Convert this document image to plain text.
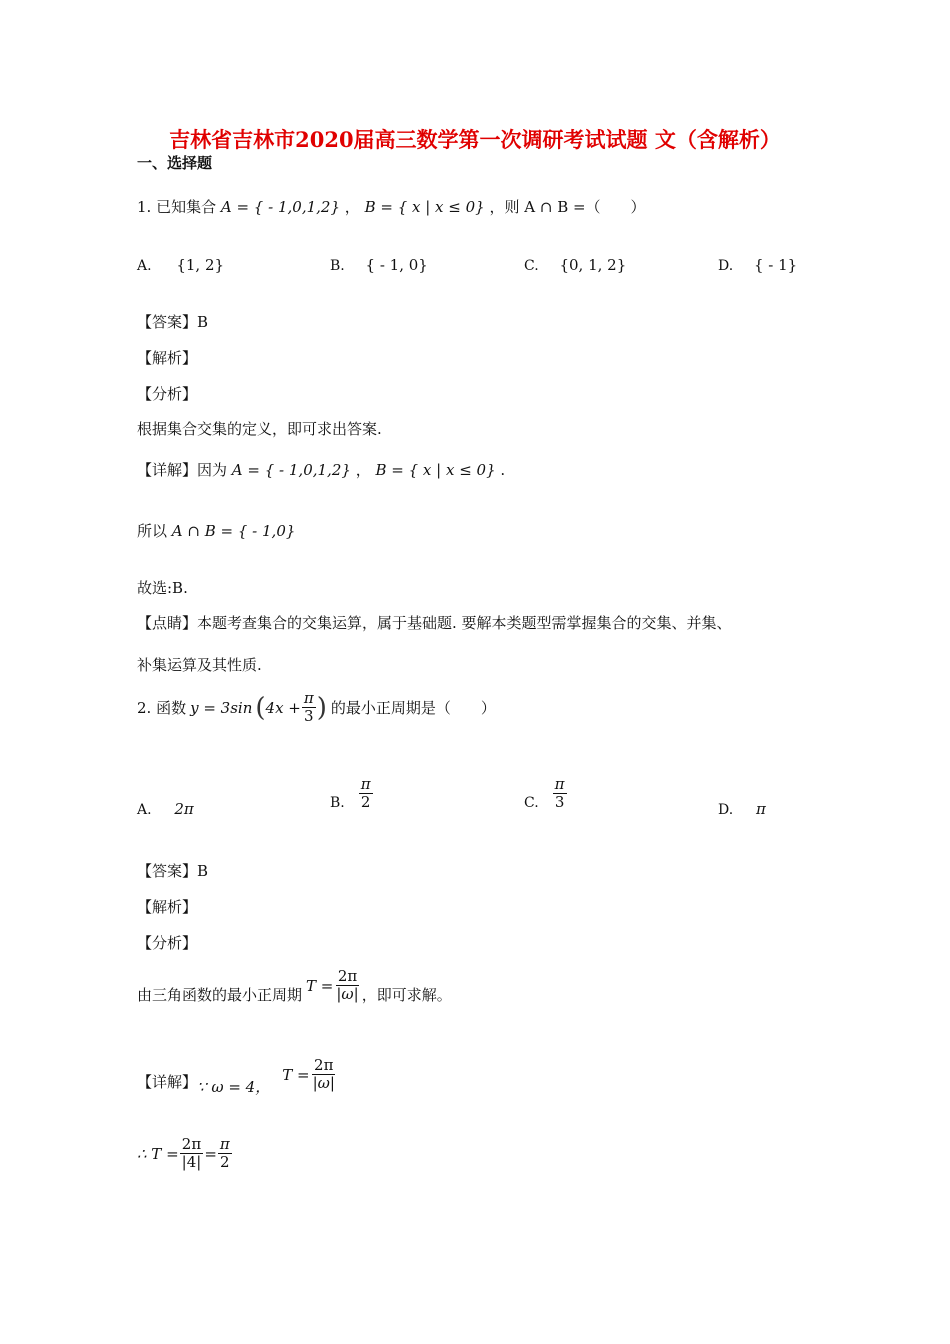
吉林省吉林市2020届高三数学第一次调研考试试题 文（含解析）
一、选择题
1. 已知集合 A = { - 1,0,1,2} ， B = { x | x ≤ 0} ，则 A ∩ B =（　　）
A. {1, 2}	B. { - 1, 0}	C. {0, 1, 2}	D. { - 1}
【答案】B
【解析】
【分析】
根据集合交集的定义，即可求出答案.
【详解】因为 A = { - 1,0,1,2} ， B = { x | x ≤ 0} .
所以 A ∩ B = { - 1,0}
故选:B.
【点睛】本题考查集合的交集运算，属于基础题. 要解本类题型需掌握集合的交集、并集、
补集运算及其性质.
2. 函数 y = 3sin ( $4x + \frac{\pi}{3}$ ) 的最小正周期是（　　）
A. 2π	B. $\frac{\pi}{2}$	C. $\frac{\pi}{3}$	D. π
【答案】B
【解析】
【分析】
由三角函数的最小正周期
$T = \frac{2\pi}{|\omega|}$ ，即可求解。
【详解】 ∵ ω = 4，
$T = \frac{2\pi}{|\omega|}$
∴ $T = \frac{2\pi}{|4|} = \frac{\pi}{2}$
